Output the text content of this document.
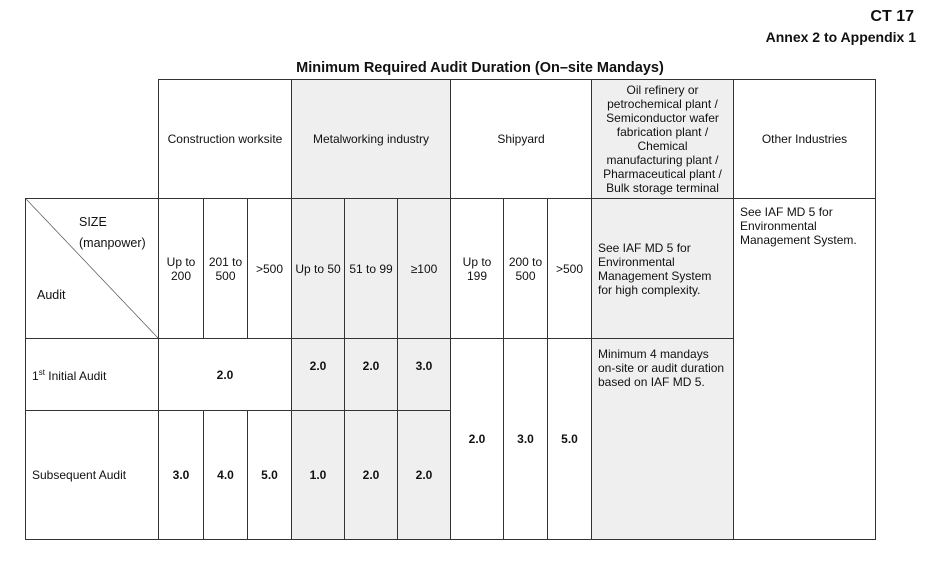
CT 17
Annex 2 to Appendix 1
Minimum Required Audit Duration (On–site Mandays)
	Construction worksite			Metalworking industry			Shipyard			Oil refinery or petrochemical plant / Semiconductor wafer fabrication plant / Chemical manufacturing plant / Pharmaceutical plant / Bulk storage terminal	Other Industries

SIZE
(manpower)
Audit	Up to 200	201 to 500	>500	Up to 50	51 to 99	≥100	Up to 199	200 to 500	>500	See IAF MD 5 for Environmental Management System for high complexity.	See IAF MD 5 for Environmental Management System.
1st Initial Audit	2.0			2.0	2.0	3.0	2.0	3.0	5.0	Minimum 4 mandays on-site or audit duration based on IAF MD 5.	
Subsequent Audit	3.0	4.0	5.0	1.0	2.0	2.0					
